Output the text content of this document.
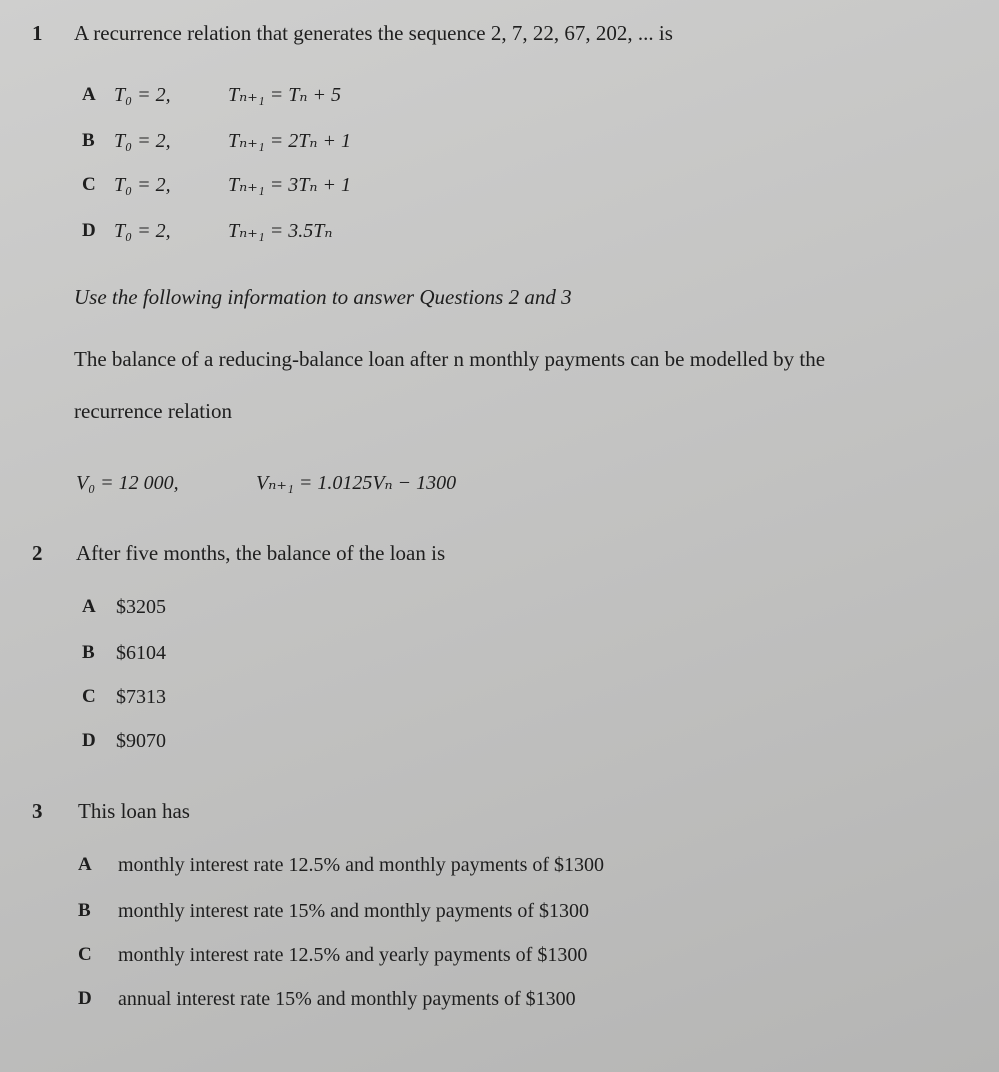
1 A recurrence relation that generates the sequence 2, 7, 22, 67, 202, ... is
A T₀ = 2,	Tₙ₊₁ = Tₙ + 5
B T₀ = 2,	Tₙ₊₁ = 2Tₙ + 1
C T₀ = 2,	Tₙ₊₁ = 3Tₙ + 1
D T₀ = 2,	Tₙ₊₁ = 3.5Tₙ
Use the following information to answer Questions 2 and 3
The balance of a reducing-balance loan after n monthly payments can be modelled by the
recurrence relation
V₀ = 12 000,	Vₙ₊₁ = 1.0125Vₙ − 1300
2 After five months, the balance of the loan is
A $3205
B $6104
C $7313
D $9070
3 This loan has
A monthly interest rate 12.5% and monthly payments of $1300
B monthly interest rate 15% and monthly payments of $1300
C monthly interest rate 12.5% and yearly payments of $1300
D annual interest rate 15% and monthly payments of $1300
